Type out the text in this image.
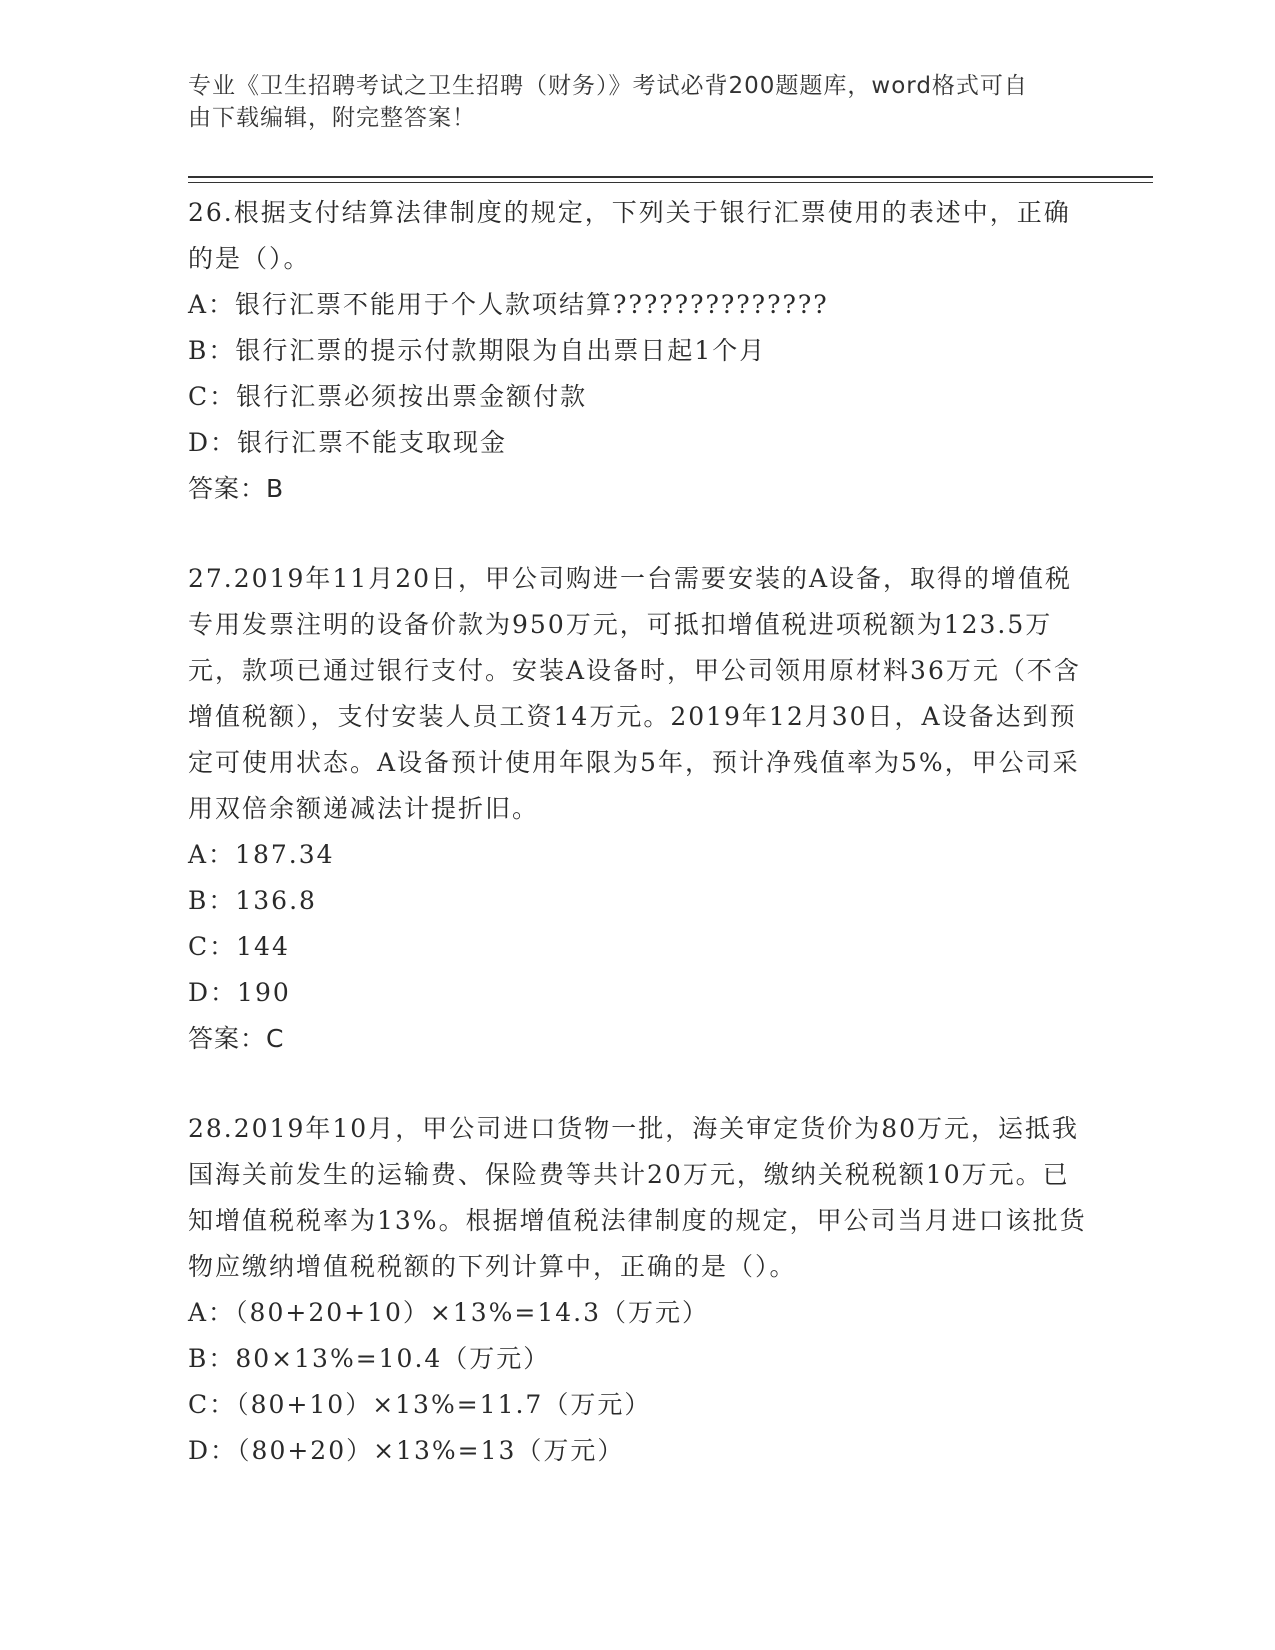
专业《卫生招聘考试之卫生招聘（财务）》考试必背200题题库，word格式可自
由下载编辑，附完整答案！

26.根据支付结算法律制度的规定，下列关于银行汇票使用的表述中，正确的是（）。

A：银行汇票不能用于个人款项结算??????????????

B：银行汇票的提示付款期限为自出票日起1个月

C：银行汇票必须按出票金额付款

D：银行汇票不能支取现金

答案：B

27.2019年11月20日，甲公司购进一台需要安装的A设备，取得的增值税专用发票注明的设备价款为950万元，可抵扣增值税进项税额为123.5万元，款项已通过银行支付。安装A设备时，甲公司领用原材料36万元（不含增值税额），支付安装人员工资14万元。2019年12月30日，A设备达到预定可使用状态。A设备预计使用年限为5年，预计净残值率为5%，甲公司采用双倍余额递减法计提折旧。

A：187.34

B：136.8

C：144

D：190

答案：C

28.2019年10月，甲公司进口货物一批，海关审定货价为80万元，运抵我国海关前发生的运输费、保险费等共计20万元，缴纳关税税额10万元。已知增值税税率为13%。根据增值税法律制度的规定，甲公司当月进口该批货物应缴纳增值税税额的下列计算中，正确的是（）。

A：（80+20+10）×13%=14.3（万元）

B：80×13%=10.4（万元）

C：（80+10）×13%=11.7（万元）

D：（80+20）×13%=13（万元）
